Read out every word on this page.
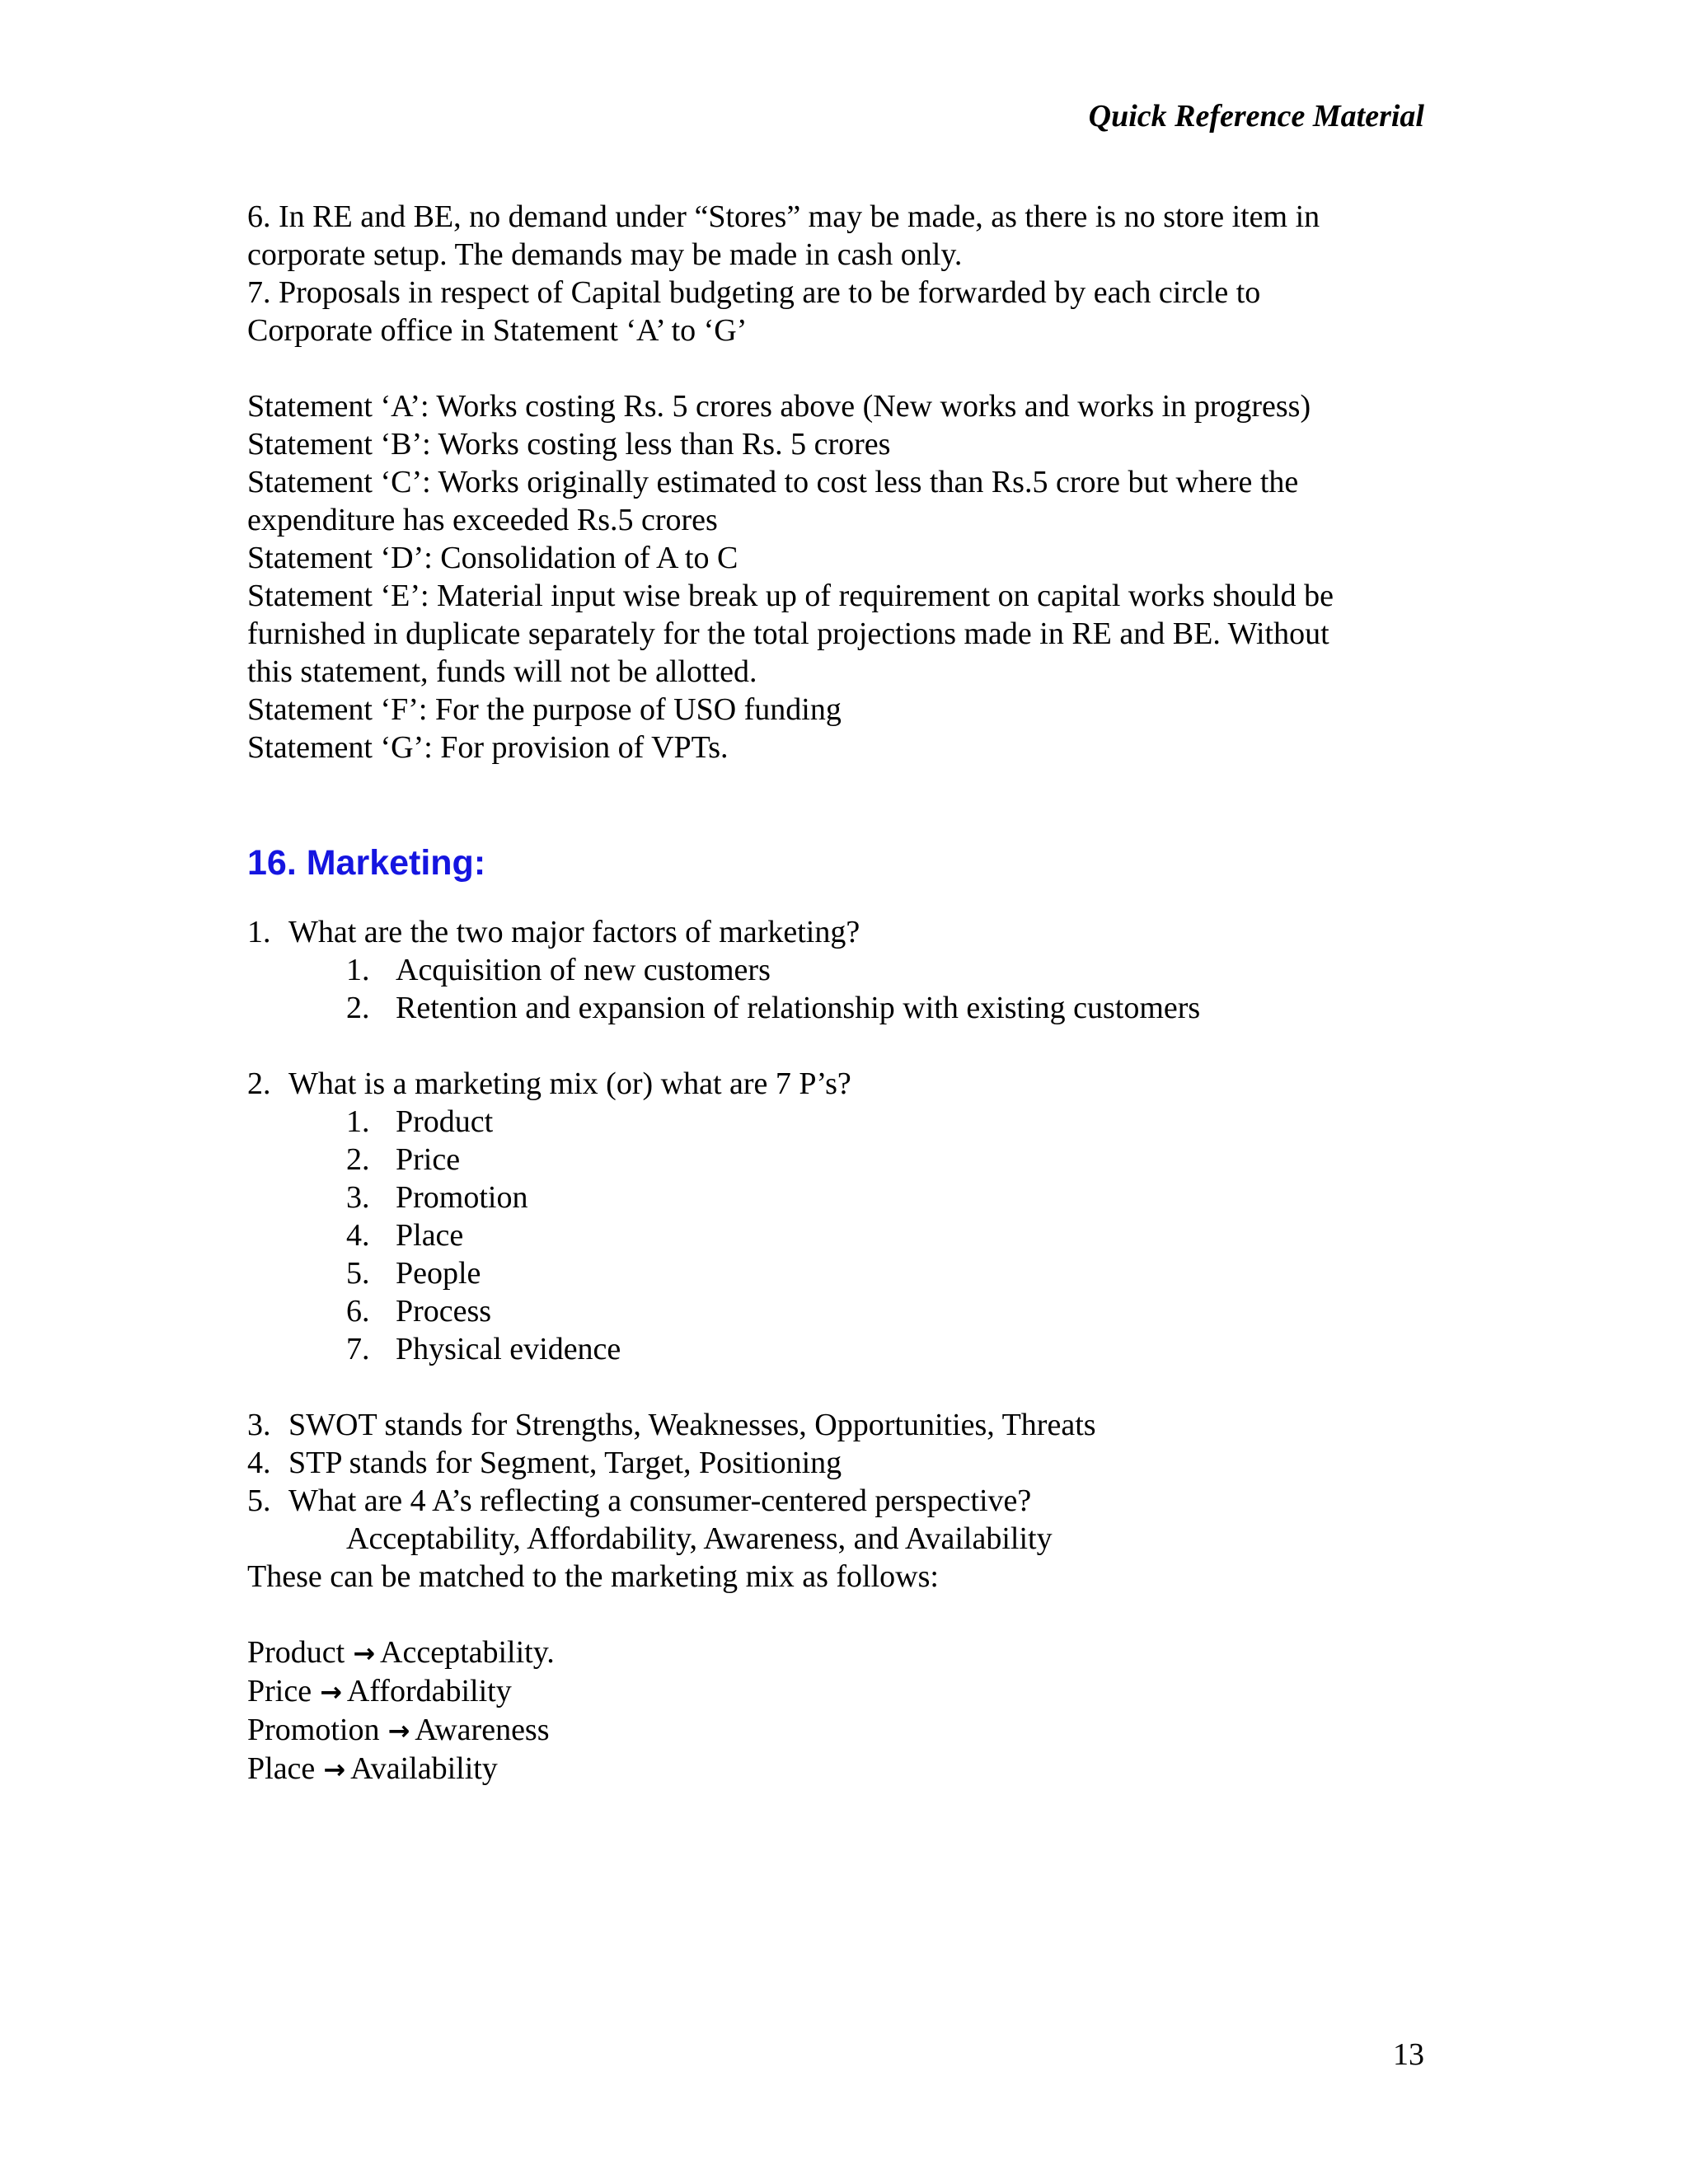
Quick Reference Material
6. In RE and BE, no demand under “Stores” may be made, as there is no store item in
corporate setup. The demands may be made in cash only.
7. Proposals in respect of Capital budgeting are to be forwarded by each circle to
Corporate office in Statement ‘A’ to ‘G’
Statement ‘A’: Works costing Rs. 5 crores above (New works and works in progress)
Statement ‘B’: Works costing less than Rs. 5 crores
Statement ‘C’: Works originally estimated to cost less than Rs.5 crore but where the
expenditure has exceeded Rs.5 crores
Statement ‘D’: Consolidation of A to C
Statement ‘E’: Material input wise break up of requirement on capital works should be
furnished in duplicate separately for the total projections made in RE and BE. Without
this statement, funds will not be allotted.
Statement ‘F’: For the purpose of USO funding
Statement ‘G’: For provision of VPTs.
16. Marketing:
1. What are the two major factors of marketing?
1. Acquisition of new customers
2. Retention and expansion of relationship with existing customers
2. What is a marketing mix (or) what are 7 P’s?
1. Product
2. Price
3. Promotion
4. Place
5. People
6. Process
7. Physical evidence
3. SWOT stands for Strengths, Weaknesses, Opportunities, Threats
4. STP stands for Segment, Target, Positioning
5. What are 4 A’s reflecting a consumer-centered perspective?
Acceptability, Affordability, Awareness, and Availability
These can be matched to the marketing mix as follows:
Product → Acceptability.
Price → Affordability
Promotion → Awareness
Place → Availability
13
